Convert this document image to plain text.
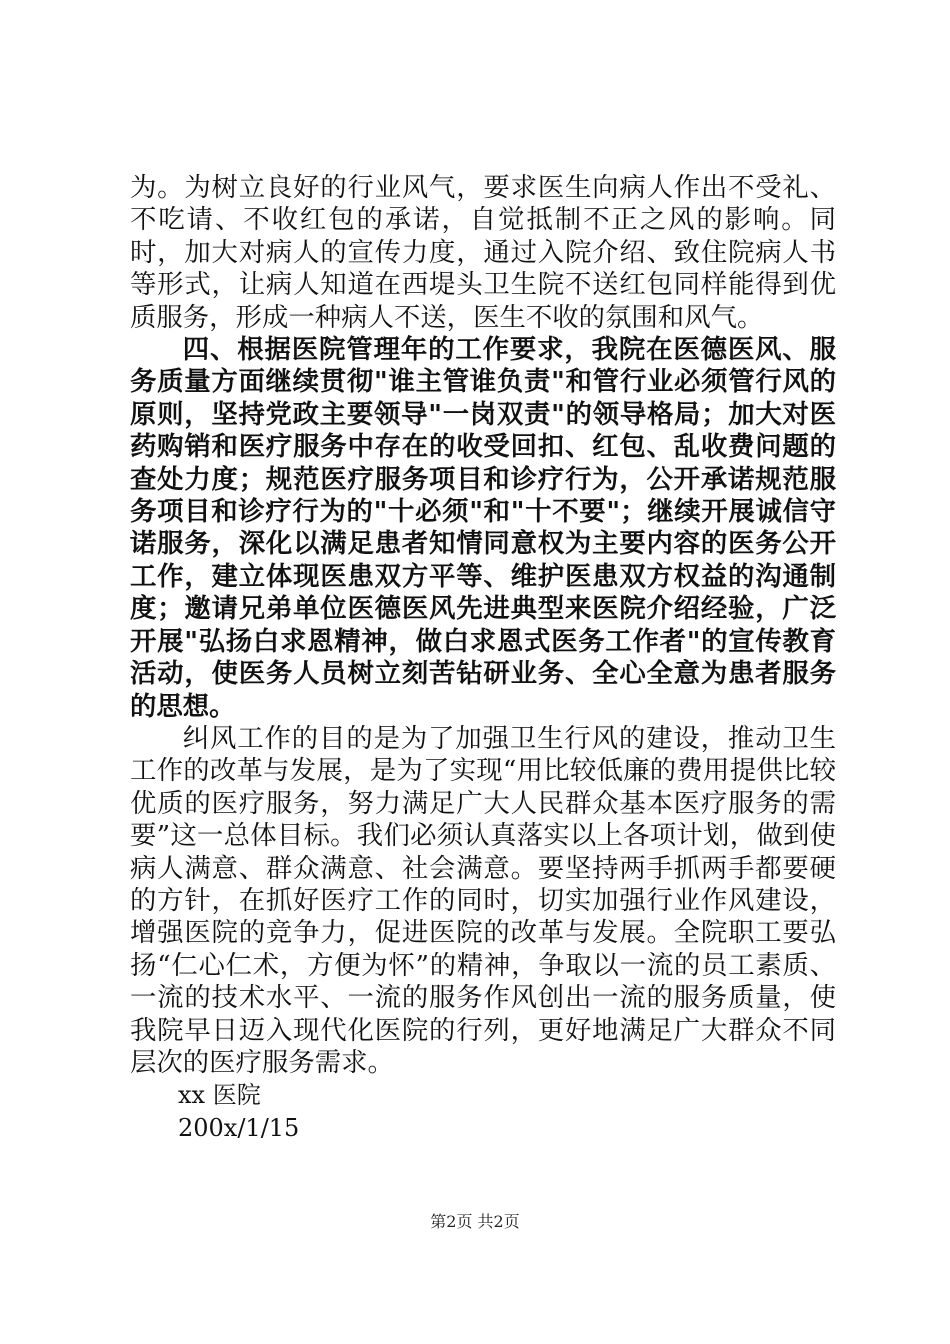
为。为树立良好的行业风气，要求医生向病人作出不受礼、不吃请、不收红包的承诺，自觉抵制不正之风的影响。同时，加大对病人的宣传力度，通过入院介绍、致住院病人书等形式，让病人知道在西堤头卫生院不送红包同样能得到优质服务，形成一种病人不送，医生不收的氛围和风气。

四、根据医院管理年的工作要求，我院在医德医风、服务质量方面继续贯彻"谁主管谁负责"和管行业必须管行风的原则，坚持党政主要领导"一岗双责"的领导格局；加大对医药购销和医疗服务中存在的收受回扣、红包、乱收费问题的查处力度；规范医疗服务项目和诊疗行为，公开承诺规范服务项目和诊疗行为的"十必须"和"十不要"；继续开展诚信守诺服务，深化以满足患者知情同意权为主要内容的医务公开工作，建立体现医患双方平等、维护医患双方权益的沟通制度；邀请兄弟单位医德医风先进典型来医院介绍经验，广泛开展"弘扬白求恩精神，做白求恩式医务工作者"的宣传教育活动，使医务人员树立刻苦钻研业务、全心全意为患者服务的思想。

纠风工作的目的是为了加强卫生行风的建设，推动卫生工作的改革与发展，是为了实现“用比较低廉的费用提供比较优质的医疗服务，努力满足广大人民群众基本医疗服务的需要”这一总体目标。我们必须认真落实以上各项计划，做到使病人满意、群众满意、社会满意。要坚持两手抓两手都要硬的方针，在抓好医疗工作的同时，切实加强行业作风建设，增强医院的竞争力，促进医院的改革与发展。全院职工要弘扬“仁心仁术，方便为怀”的精神，争取以一流的员工素质、一流的技术水平、一流的服务作风创出一流的服务质量，使我院早日迈入现代化医院的行列，更好地满足广大群众不同层次的医疗服务需求。

xx 医院

200x/1/15

第2页 共2页
